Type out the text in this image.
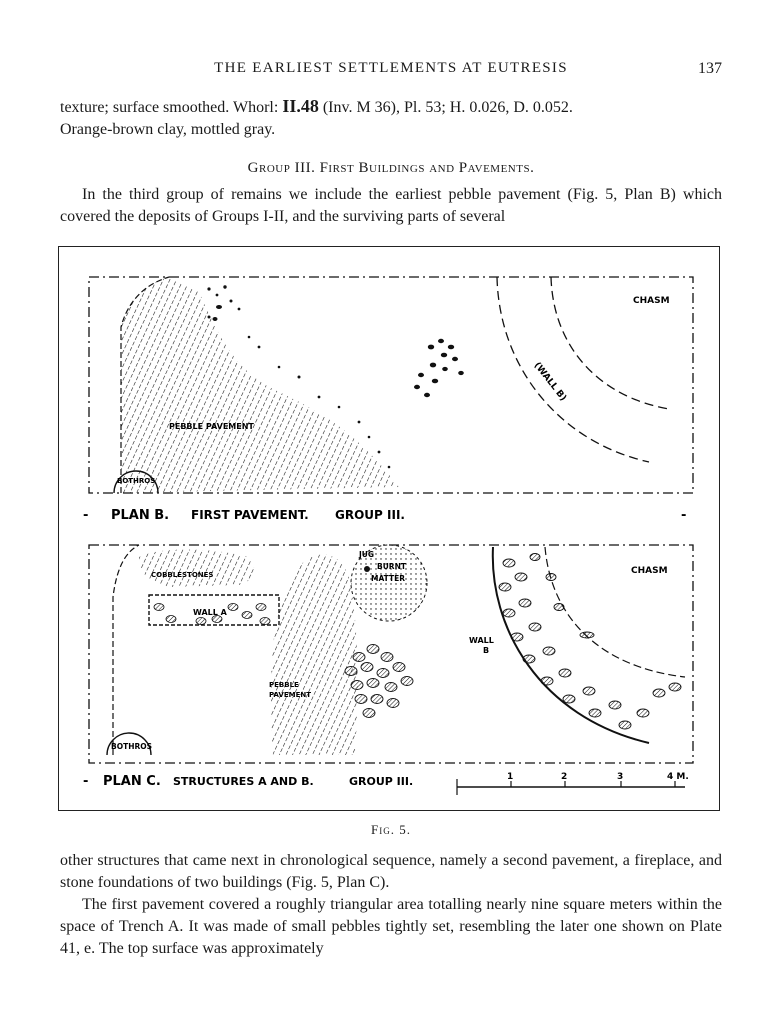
THE EARLIEST SETTLEMENTS AT EUTRESIS	137

texture; surface smoothed. Whorl: II.48 (Inv. M 36), Pl. 53; H. 0.026, D. 0.052.

Orange-brown clay, mottled gray.

Group III. First Buildings and Pavements.

In the third group of remains we include the earliest pebble pavement (Fig. 5, Plan B) which covered the deposits of Groups I-II, and the surviving parts of several

CHASM
(WALL B)
PEBBLE PAVEMENT
BOTHROS
- PLAN B. FIRST PAVEMENT. GROUP III.	-
CHASM
COBBLESTONES
JUG
BURNT
MATTER
WALL A
WALL
B
PEBBLE
PAVEMENT
BOTHROS
- PLAN C. STRUCTURES A AND B.	GROUP III.	1	2	3	4 M.
Fig. 5.

other structures that came next in chronological sequence, namely a second pavement, a fireplace, and stone foundations of two buildings (Fig. 5, Plan C).

The first pavement covered a roughly triangular area totalling nearly nine square meters within the space of Trench A. It was made of small pebbles tightly set, resembling the later one shown on Plate 41, e. The top surface was approximately
